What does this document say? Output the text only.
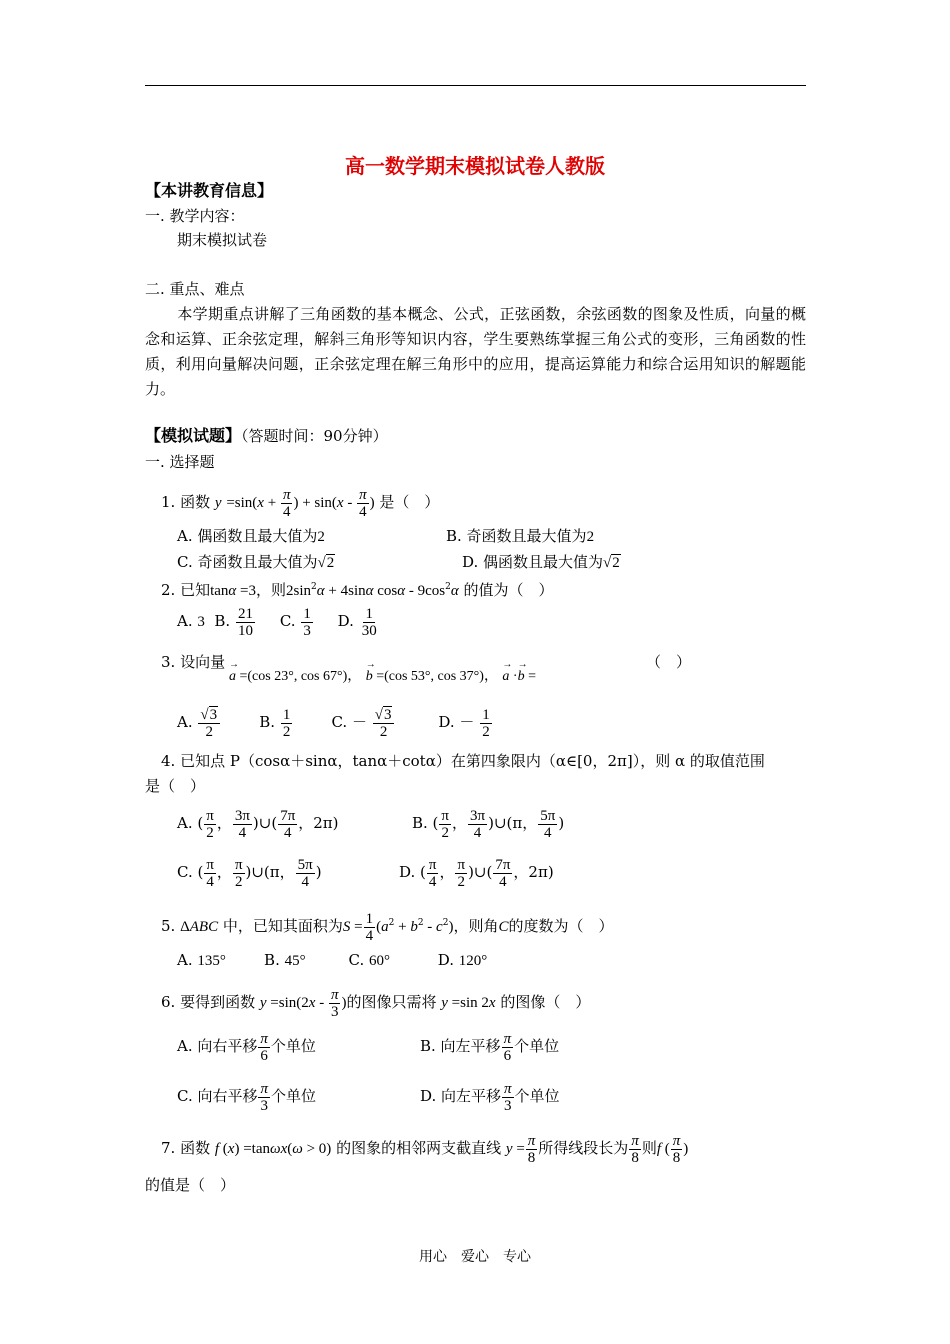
高一数学期末模拟试卷人教版
【本讲教育信息】
一. 教学内容：
期末模拟试卷
二. 重点、难点
本学期重点讲解了三角函数的基本概念、公式，正弦函数，余弦函数的图象及性质，向量的概念和运算、正余弦定理，解斜三角形等知识内容，学生要熟练掌握三角公式的变形，三角函数的性质，利用向量解决问题，正余弦定理在解三角形中的应用，提高运算能力和综合运用知识的解题能力。
【模拟试题】（答题时间：90分钟）
一. 选择题
1. 函数 $y =\sin(x + \frac{\pi}{4}$ ) + $\sin(x - \frac{\pi}{4}$ ) 是（　）
A. 偶函数且最大值为2	B. 奇函数且最大值为2
C. 奇函数且最大值为√2	D. 偶函数且最大值为√2
2. 已知tanα =3，则$2\sin^2\alpha + 4\sin\alpha$ cosα - $9\cos^2\alpha$ 的值为（　）
A. 3  B. $\frac{21}{10} C$. $\frac{1}{3} D$. $\frac{1}{30}$
3. 设向量
→ a =(cos 23°, cos 67°)， → b =(cos 53°, cos 37°)， → a ·→ b =
（　）
A. $\frac{√3}{2} B$. $\frac{1}{2} C$. － $\frac{√3}{2} D$. － $\frac{1}{2}$
4. 已知点 P（cosα＋sinα，tanα＋cotα）在第四象限内（α∈[0，2π]），则 α 的取值范围
是（　）
A. ( $\frac{\pi}{2}$ ， $\frac{3\pi}{4}$ )∪( $\frac{7\pi}{4}$ ，2π)	B. ( $\frac{\pi}{2}$ ， $\frac{3\pi}{4}$ )∪(π， $\frac{5\pi}{4}$ )
C. ( $\frac{\pi}{4}$ ， $\frac{\pi}{2}$ )∪(π， $\frac{5\pi}{4}$ )	D. ( $\frac{\pi}{4}$ ， $\frac{\pi}{2}$ )∪( $\frac{7\pi}{4}$ ，2π)
5. ΔABC 中，已知其面积为$S = \frac{1}{4} (a^2 + b^2 - c^2)$，则角C的度数为（　）
A. 135°	B. 45°	C. 60°	D. 120°
6. 要得到函数 $y =\sin(2x - \frac{\pi}{3}$ )的图像只需将 y =sin 2x 的图像（　）
A. 向右平移 $\frac{\pi}{6}$ 个单位	B. 向左平移 $\frac{\pi}{6}$ 个单位
C. 向右平移 $\frac{\pi}{3}$ 个单位	D. 向左平移 $\frac{\pi}{3}$ 个单位
7. 函数 f (x) =tanωx(ω > 0) 的图象的相邻两支截直线 $y = \frac{\pi}{8}$ 所得线段长为 $\frac{\pi}{8}$ 则f ( $\frac{\pi}{8}$ )
的值是（　）
用心　爱心　专心
